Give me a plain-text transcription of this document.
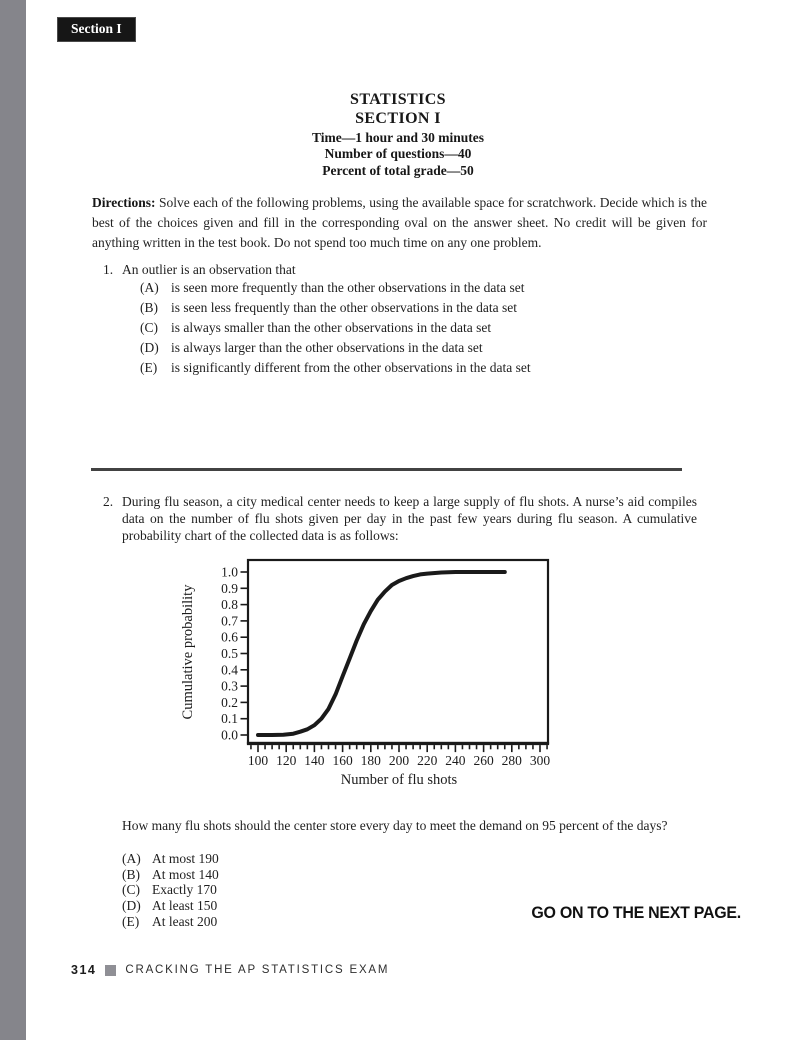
Section I
STATISTICS
SECTION I
Time—1 hour and 30 minutes
Number of questions—40
Percent of total grade—50
Directions: Solve each of the following problems, using the available space for scratchwork. Decide which is the best of the choices given and fill in the corresponding oval on the answer sheet. No credit will be given for anything written in the test book. Do not spend too much time on any one problem.
1. An outlier is an observation that
(A) is seen more frequently than the other observations in the data set
(B) is seen less frequently than the other observations in the data set
(C) is always smaller than the other observations in the data set
(D) is always larger than the other observations in the data set
(E)	is significantly different from the other observations in the data set
2. During flu season, a city medical center needs to keep a large supply of flu shots. A nurse’s aid compiles data on the number of flu shots given per day in the past few years during flu season. A cumulative probability chart of the collected data is as follows:
0.0
0.1
0.2
0.3
0.4
0.5
0.6
0.7
0.8
0.9
1.0
100 120 140 160 180 200 220 240 260 280 300
Number of flu shots
Cumulative probability
How many flu shots should the center store every day to meet the demand on 95 percent of the days?
(A) At most 190
(B) At most 140
(C) Exactly 170
(D) At least 150
(E) At least 200	GO ON TO THE NEXT PAGE.
314	CRACKING THE AP STATISTICS EXAM
